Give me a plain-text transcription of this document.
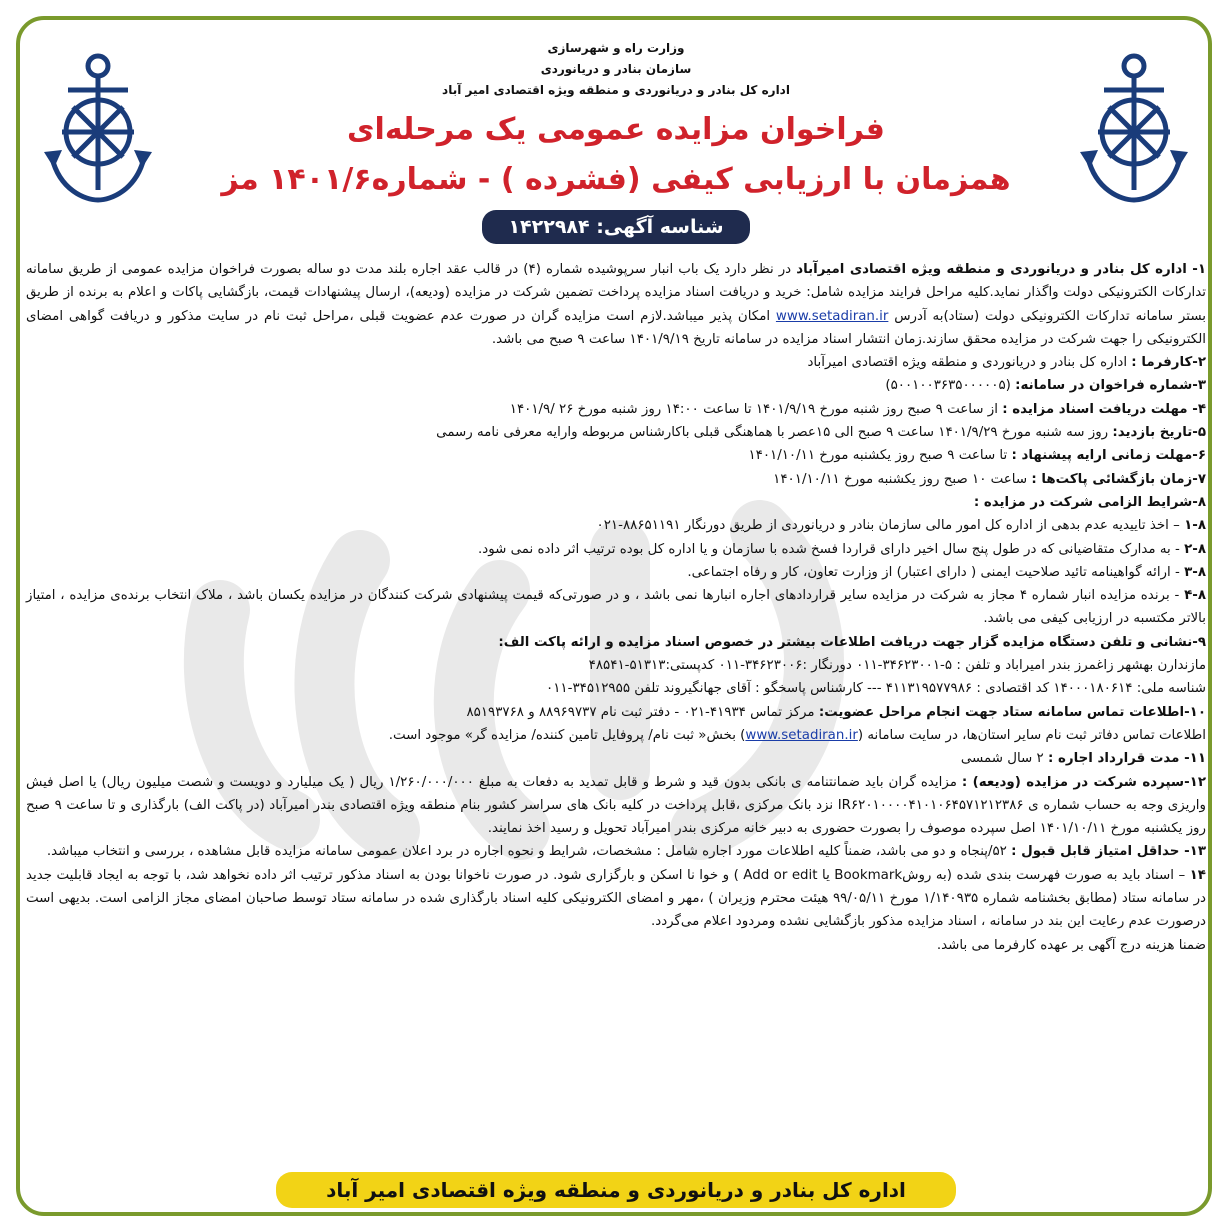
وزارت راه و شهرسازی
سازمان بنادر و دریانوردی
اداره کل بنادر و دریانوردی و منطقه ویژه اقتصادی امیر آباد
فراخوان مزایده عمومی یک مرحله‌ای
همزمان با ارزیابی کیفی (فشرده ) - شماره۱۴۰۱/۶ مز
شناسه آگهی: ۱۴۲۲۹۸۴

۱- اداره کل بنادر و دریانوردی و منطقه ویژه اقتصادی امیرآباد در نظر دارد یک باب انبار سرپوشیده شماره (۴) در قالب عقد اجاره بلند مدت دو ساله بصورت فراخوان مزایده عمومی از طریق سامانه تدارکات الکترونیکی دولت واگذار نماید.کلیه مراحل فرایند مزایده شامل: خرید و دریافت اسناد مزایده پرداخت تضمین شرکت در مزایده (ودیعه)، ارسال پیشنهادات قیمت، بازگشایی پاکات و اعلام به برنده از طریق بستر سامانه تدارکات الکترونیکی دولت (ستاد)به آدرس www.setadiran.ir امکان پذیر میباشد.لازم است مزایده گران در صورت عدم عضویت قبلی ،مراحل ثبت نام در سایت مذکور و دریافت گواهی امضای الکترونیکی را جهت شرکت در مزایده محقق سازند.زمان انتشار اسناد مزایده در سامانه تاریخ ۱۴۰۱/۹/۱۹ ساعت ۹ صبح می باشد.

۲-کارفرما : اداره کل بنادر و دریانوردی و منطقه ویژه اقتصادی امیرآباد

۳-شماره فراخوان در سامانه: (۵۰۰۱۰۰۳۶۳۵۰۰۰۰۰۵)

۴- مهلت دریافت اسناد مزایده : از ساعت ۹ صبح روز شنبه مورخ ۱۴۰۱/۹/۱۹ تا ساعت ۱۴:۰۰ روز شنبه مورخ ۲۶ /۱۴۰۱/۹

۵-تاریخ بازدید: روز سه شنبه مورخ ۱۴۰۱/۹/۲۹ ساعت ۹ صبح الی ۱۵عصر با هماهنگی قبلی باکارشناس مربوطه وارایه معرفی نامه رسمی

۶-مهلت زمانی ارایه پیشنهاد : تا ساعت ۹ صبح روز یکشنبه مورخ ۱۴۰۱/۱۰/۱۱

۷-زمان بازگشائی پاکت‌ها : ساعت ۱۰ صبح روز یکشنبه مورخ ۱۴۰۱/۱۰/۱۱

۸-شرایط الزامی شرکت در مزایده :

۱-۸ – اخذ تاییدیه عدم بدهی از اداره کل امور مالی سازمان بنادر و دریانوردی از طریق دورنگار ۸۸۶۵۱۱۹۱-۰۲۱

۲-۸ - به مدارک متقاضیانی که در طول پنج سال اخیر دارای قراردا فسخ شده با سازمان و یا اداره کل بوده ترتیب اثر داده نمی شود.

۳-۸ - ارائه گواهینامه تائید صلاحیت ایمنی ( دارای اعتبار) از وزارت تعاون، کار و رفاه اجتماعی.

۴-۸ - برنده مزایده انبار شماره ۴ مجاز به شرکت در مزایده سایر قراردادهای اجاره انبارها نمی باشد ، و در صورتی‌که قیمت پیشنهادی شرکت کنندگان در مزایده یکسان باشد ، ملاک انتخاب برنده‌ی مزایده ، امتیاز بالاتر مکتسبه در ارزیابی کیفی می باشد.

۹-نشانی و تلفن دستگاه مزایده گزار جهت دریافت اطلاعات بیشتر در خصوص اسناد مزایده و ارائه پاکت الف:

مازندارن بهشهر زاغمرز بندر امیراباد و تلفن : ۵-۳۴۶۲۳۰۰۱-۰۱۱ دورنگار :۳۴۶۲۳۰۰۶-۰۱۱ کدپستی:۵۱۳۱۳-۴۸۵۴۱

شناسه ملی: ۱۴۰۰۰۱۸۰۶۱۴ کد اقتصادی : ۴۱۱۳۱۹۵۷۷۹۸۶ --- کارشناس پاسخگو : آقای جهانگیروند تلفن ۳۴۵۱۲۹۵۵-۰۱۱

۱۰-اطلاعات تماس سامانه ستاد جهت انجام مراحل عضویت: مرکز تماس ۴۱۹۳۴-۰۲۱ - دفتر ثبت نام ۸۸۹۶۹۷۳۷ و ۸۵۱۹۳۷۶۸

اطلاعات تماس دفاتر ثبت نام سایر استان‌ها، در سایت سامانه (www.setadiran.ir) بخش« ثبت نام/ پروفایل تامین کننده/ مزایده گر» موجود است.

۱۱- مدت قرارداد اجاره : ۲ سال شمسی

۱۲-سپرده شرکت در مزایده (ودیعه) : مزایده گران باید ضمانتنامه ی بانکی بدون قید و شرط و قابل تمدید به دفعات به مبلغ ۱/۲۶۰/۰۰۰/۰۰۰ ریال ( یک میلیارد و دویست و شصت میلیون ریال) یا اصل فیش واریزی وجه به حساب شماره ی IR۶۲۰۱۰۰۰۰۴۱۰۱۰۶۴۵۷۱۲۱۲۳۸۶ نزد بانک مرکزی ،قابل پرداخت در کلیه بانک های سراسر کشور بنام منطقه ویژه اقتصادی بندر امیرآباد (در پاکت الف) بارگذاری و تا ساعت ۹ صبح روز یکشنبه مورخ ۱۴۰۱/۱۰/۱۱ اصل سپرده موصوف را بصورت حضوری به دبیر خانه مرکزی بندر امیرآباد تحویل و رسید اخذ نمایند.

۱۳- حداقل امتیاز قابل قبول : ۵۲/پنجاه و دو می باشد، ضمناً کلیه اطلاعات مورد اجاره شامل : مشخصات، شرایط و نحوه اجاره در برد اعلان عمومی سامانه مزایده قابل مشاهده ، بررسی و انتخاب میباشد.

۱۴ – اسناد باید به صورت فهرست بندی شده (به روشBookmark یا Add or edit ) و خوا نا اسکن و بارگزاری شود. در صورت ناخوانا بودن به اسناد مذکور ترتیب اثر داده نخواهد شد، با توجه به ایجاد قابلیت جدید در سامانه ستاد (مطابق بخشنامه شماره ۱/۱۴۰۹۳۵ مورخ ۹۹/۰۵/۱۱ هیئت محترم وزیران ) ،مهر و امضای الکترونیکی کلیه اسناد بارگذاری شده در سامانه ستاد توسط صاحبان امضای مجاز الزامی است. بدیهی است درصورت عدم رعایت این بند در سامانه ، اسناد مزایده مذکور بازگشایی نشده ومردود اعلام می‌گردد.

ضمنا هزینه درج آگهی بر عهده کارفرما می باشد.

اداره کل بنادر و دریانوردی و منطقه ویژه اقتصادی امیر آباد
